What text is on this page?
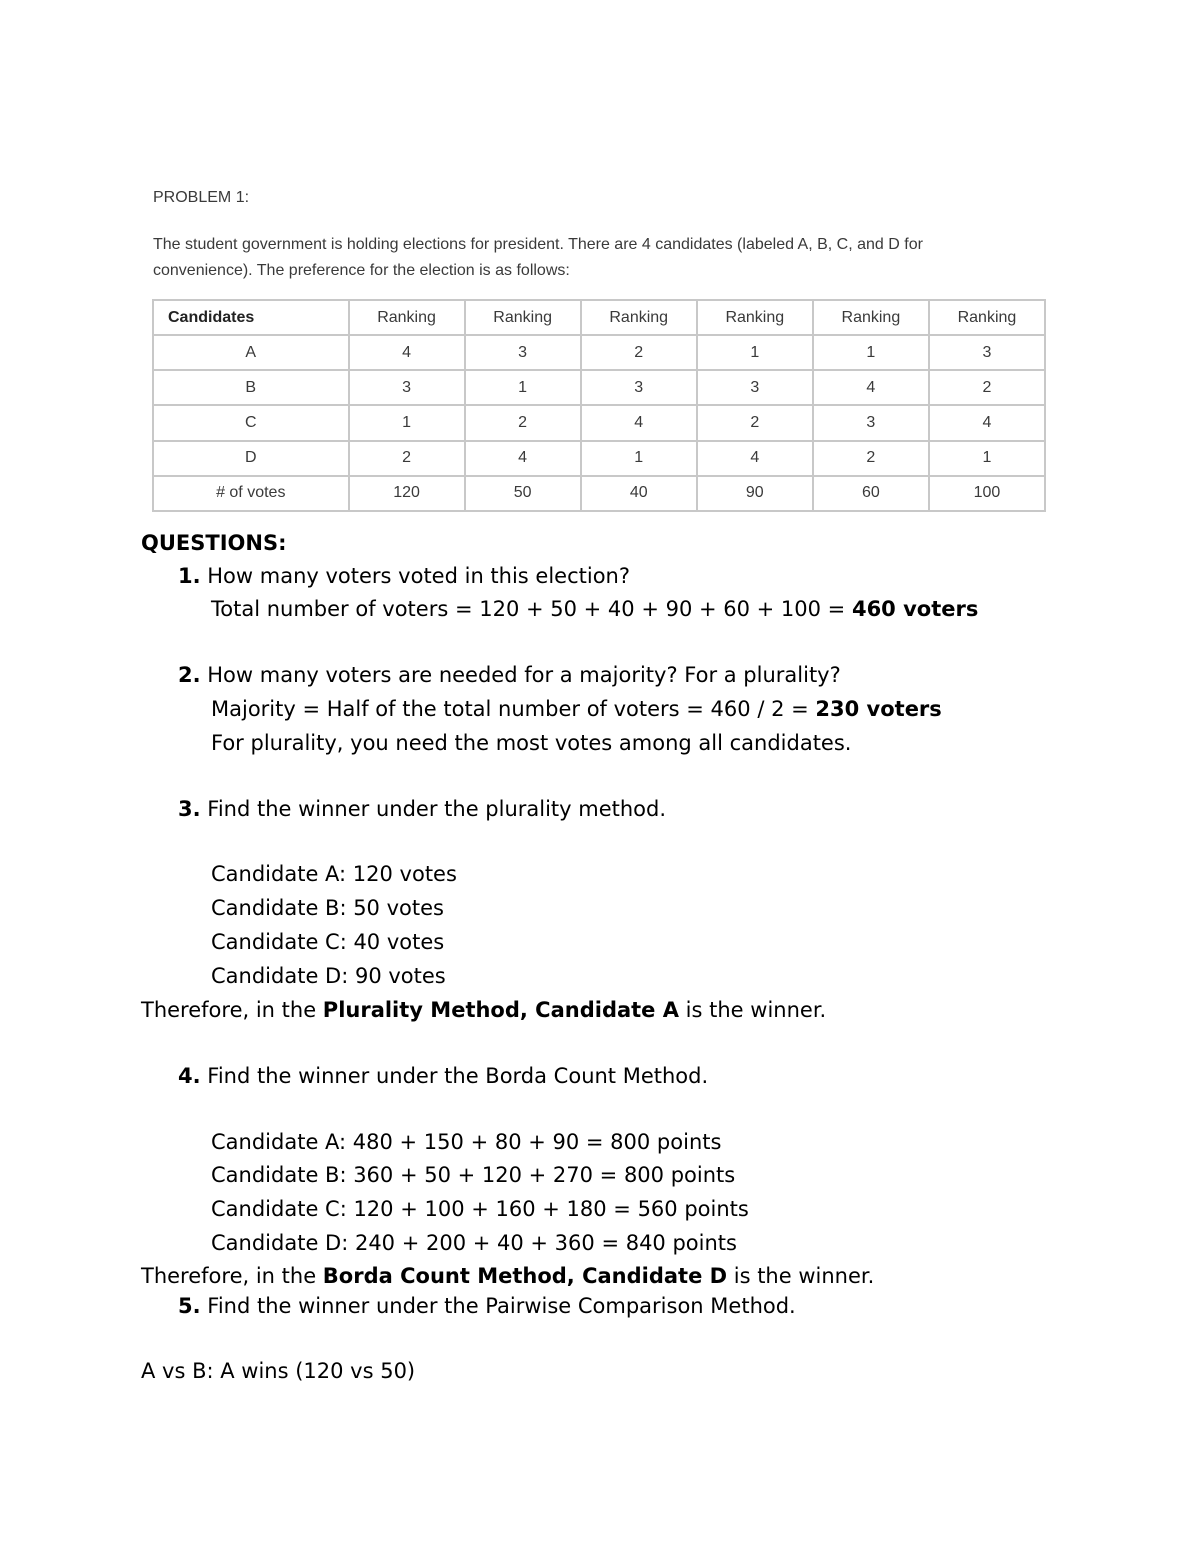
PROBLEM 1:
The student government is holding elections for president. There are 4 candidates (labeled A, B, C, and D for convenience). The preference for the election is as follows:
Candidates	Ranking	Ranking	Ranking	Ranking	Ranking	Ranking
A	4	3	2	1	1	3
B	3	1	3	3	4	2
C	1	2	4	2	3	4
D	2	4	1	4	2	1
# of votes	120	50	40	90	60	100
QUESTIONS:
1. How many voters voted in this election?
Total number of voters = 120 + 50 + 40 + 90 + 60 + 100 = 460 voters
2. How many voters are needed for a majority? For a plurality?
Majority = Half of the total number of voters = 460 / 2 = 230 voters
For plurality, you need the most votes among all candidates.
3. Find the winner under the plurality method.
Candidate A: 120 votes
Candidate B: 50 votes
Candidate C: 40 votes
Candidate D: 90 votes
Therefore, in the Plurality Method, Candidate A is the winner.
4. Find the winner under the Borda Count Method.
Candidate A: 480 + 150 + 80 + 90 = 800 points
Candidate B: 360 + 50 + 120 + 270 = 800 points
Candidate C: 120 + 100 + 160 + 180 = 560 points
Candidate D: 240 + 200 + 40 + 360 = 840 points
Therefore, in the Borda Count Method, Candidate D is the winner.
5. Find the winner under the Pairwise Comparison Method.
A vs B: A wins (120 vs 50)
